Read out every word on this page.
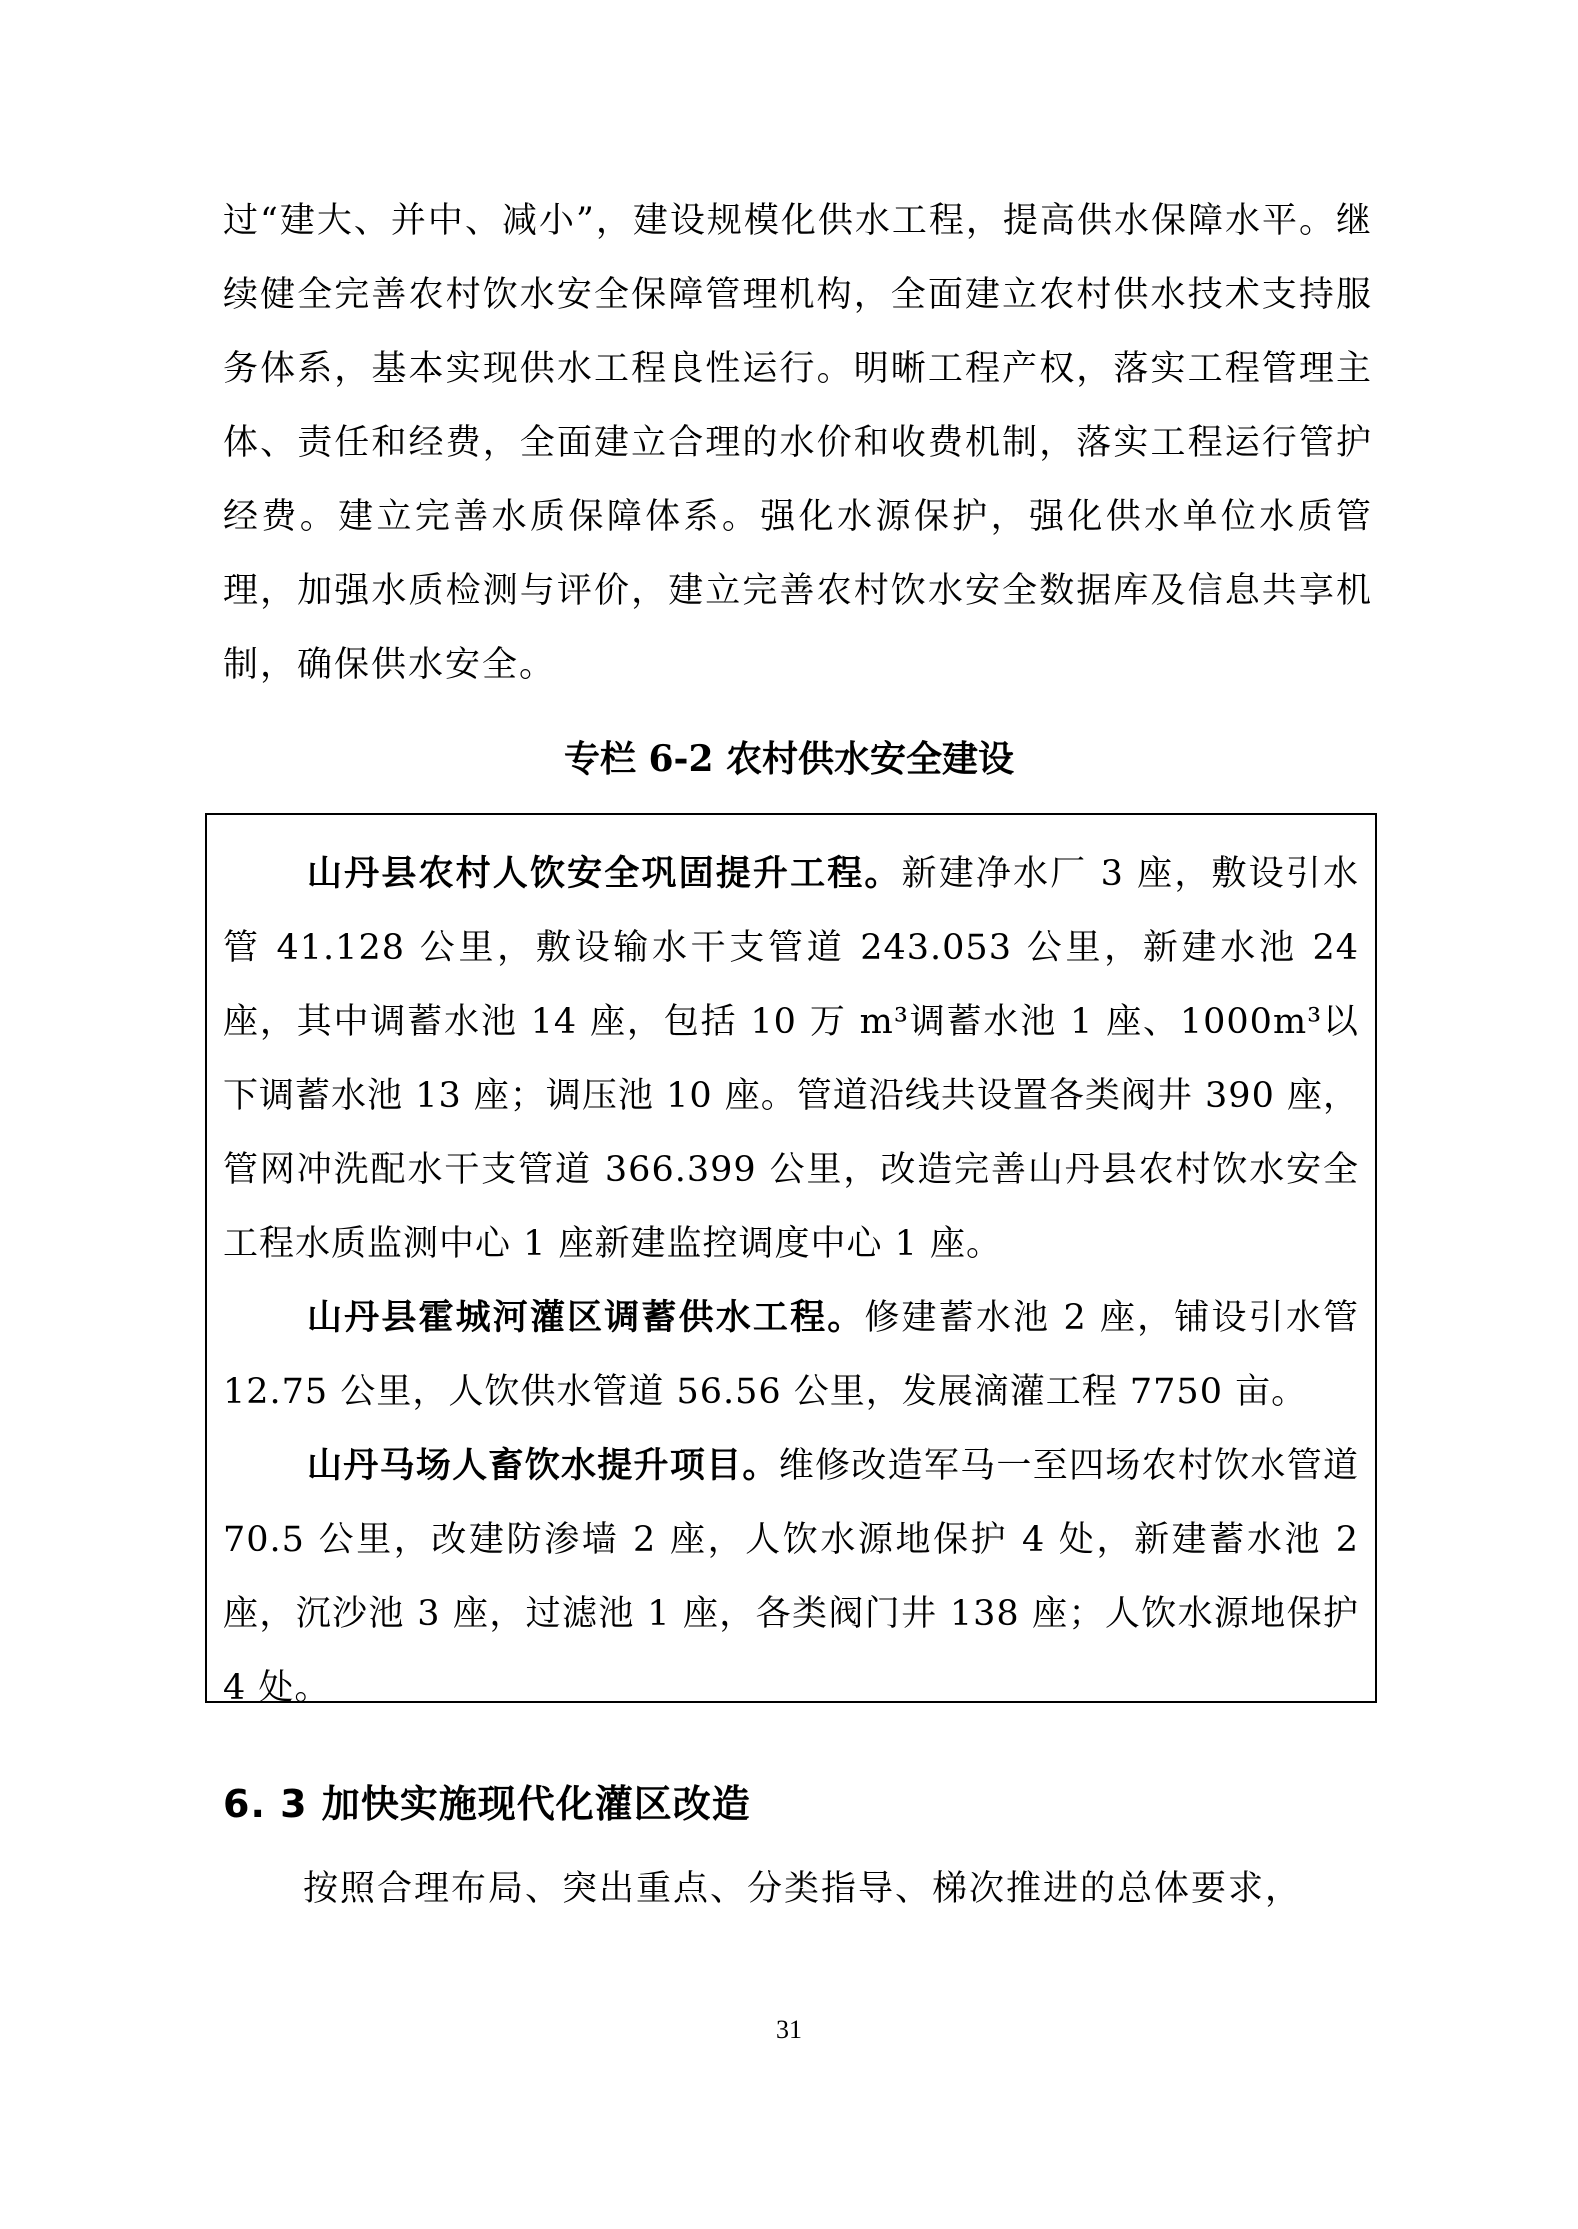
过“建大、并中、减小”，建设规模化供水工程，提高供水保障水平。继续健全完善农村饮水安全保障管理机构，全面建立农村供水技术支持服务体系，基本实现供水工程良性运行。明晰工程产权，落实工程管理主体、责任和经费，全面建立合理的水价和收费机制，落实工程运行管护经费。建立完善水质保障体系。强化水源保护，强化供水单位水质管理，加强水质检测与评价，建立完善农村饮水安全数据库及信息共享机制，确保供水安全。

专栏 6-2 农村供水安全建设

山丹县农村人饮安全巩固提升工程。新建净水厂 3 座，敷设引水管 41.128 公里，敷设输水干支管道 243.053 公里，新建水池 24 座，其中调蓄水池 14 座，包括 10 万 m³调蓄水池 1 座、1000m³以下调蓄水池 13 座；调压池 10 座。管道沿线共设置各类阀井 390 座，管网冲洗配水干支管道 366.399 公里，改造完善山丹县农村饮水安全工程水质监测中心 1 座新建监控调度中心 1 座。

山丹县霍城河灌区调蓄供水工程。修建蓄水池 2 座，铺设引水管 12.75 公里，人饮供水管道 56.56 公里，发展滴灌工程 7750 亩。

山丹马场人畜饮水提升项目。维修改造军马一至四场农村饮水管道 70.5 公里，改建防渗墙 2 座，人饮水源地保护 4 处，新建蓄水池 2 座，沉沙池 3 座，过滤池 1 座，各类阀门井 138 座；人饮水源地保护 4 处。

6. 3 加快实施现代化灌区改造

按照合理布局、突出重点、分类指导、梯次推进的总体要求，

31
